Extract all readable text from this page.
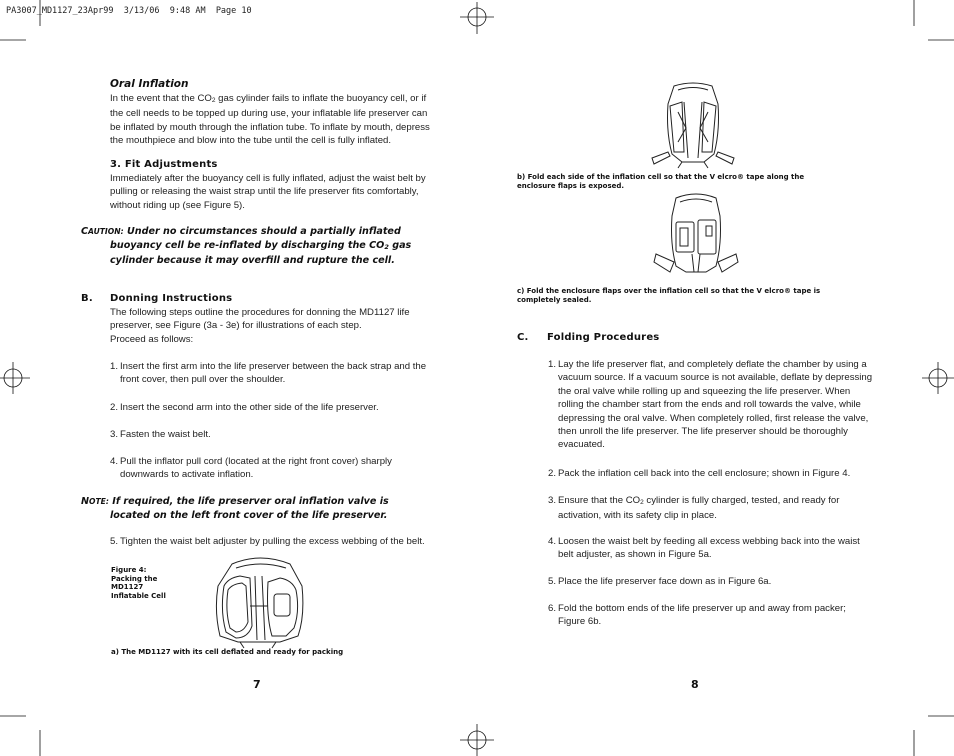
PA3007_MD1127_23Apr99  3/13/06  9:48 AM  Page 10
Oral Inflation
In the event that the $CO_2$ gas cylinder fails to inflate the buoyancy cell, or if
the cell needs to be topped up during use, your inflatable life preserver can
be inflated by mouth through the inflation tube. To inflate by mouth, depress
the mouthpiece and blow into the tube until the cell is fully inflated.
3. Fit Adjustments
Immediately after the buoyancy cell is fully inflated, adjust the waist belt by
pulling or releasing the waist strap until the life preserver fits comfortably,
without riding up (see Figure 5).
CAUTION: Under no circumstances should a partially inflated
buoyancy cell be re-inflated by discharging the $CO_2$ gas
cylinder because it may overfill and rupture the cell.
B. Donning Instructions
The following steps outline the procedures for donning the MD1127 life
preserver, see Figure (3a - 3e) for illustrations of each step.
Proceed as follows:
1. Insert the first arm into the life preserver between the back strap and the
front cover, then pull over the shoulder.
2. Insert the second arm into the other side of the life preserver.
3. Fasten the waist belt.
4. Pull the inflator pull cord (located at the right front cover) sharply
downwards to activate inflation.
NOTE: If required, the life preserver oral inflation valve is
located on the left front cover of the life preserver.
5. Tighten the waist belt adjuster by pulling the excess webbing of the belt.
Figure 4:
Packing the
MD1127
Inflatable Cell
a) The MD1127 with its cell deflated and ready for packing
7
b) Fold each side of the inflation cell so that the V elcro® tape along the
enclosure flaps is exposed.
c) Fold the enclosure flaps over the inflation cell so that the V elcro® tape is
completely sealed.
C. Folding Procedures
1. Lay the life preserver flat, and completely deflate the chamber by using a
vacuum source. If a vacuum source is not available, deflate by depressing
the oral valve while rolling up and squeezing the life preserver. When
rolling the chamber start from the ends and roll towards the valve, while
depressing the oral valve. When completely rolled, first release the valve,
then unroll the life preserver. The life preserver should be thoroughly
evacuated.
2. Pack the inflation cell back into the cell enclosure; shown in Figure 4.
3. Ensure that the $CO_2$ cylinder is fully charged, tested, and ready for
activation, with its safety clip in place.
4. Loosen the waist belt by feeding all excess webbing back into the waist
belt adjuster, as shown in Figure 5a.
5. Place the life preserver face down as in Figure 6a.
6. Fold the bottom ends of the life preserver up and away from packer;
Figure 6b.
8
